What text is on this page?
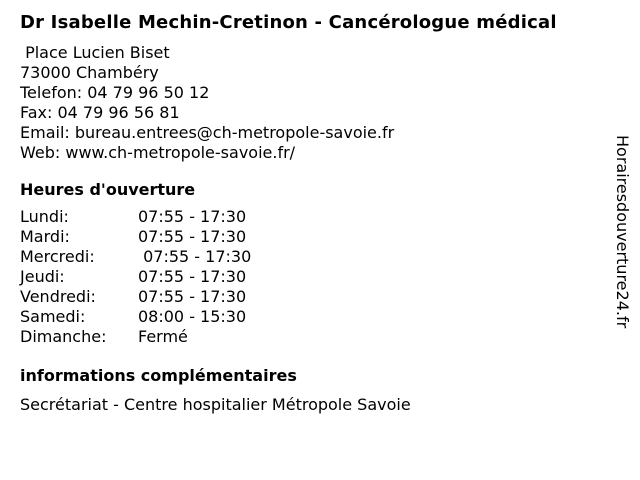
Dr Isabelle Mechin-Cretinon - Cancérologue médical
Place Lucien Biset
73000 Chambéry
Telefon: 04 79 96 50 12
Fax: 04 79 96 56 81
Email: bureau.entrees@ch-metropole-savoie.fr
Web: www.ch-metropole-savoie.fr/
Heures d'ouverture
Lundi:	07:55 - 17:30
Mardi:	07:55 - 17:30
Mercredi:	07:55 - 17:30
Jeudi:	07:55 - 17:30
Vendredi:	07:55 - 17:30
Samedi:	08:00 - 15:30
Dimanche:	Fermé
informations complémentaires
Secrétariat - Centre hospitalier Métropole Savoie
Horairesdouverture24.fr
